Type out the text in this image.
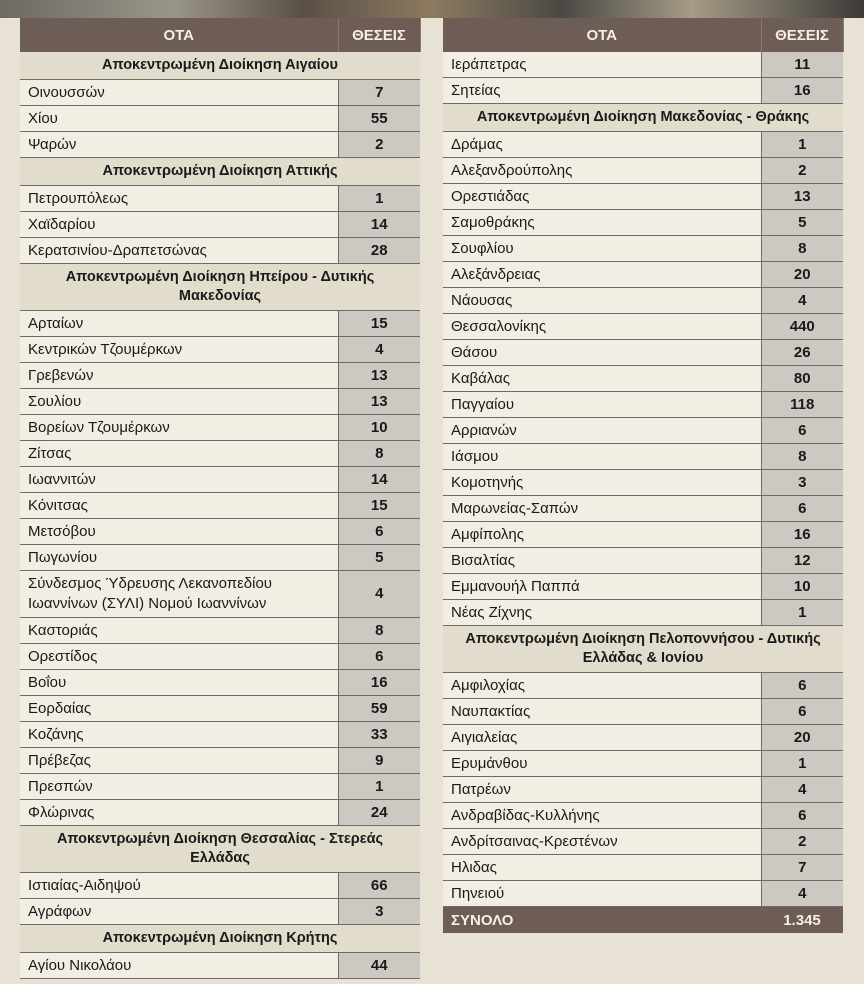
ΟΤΑ	ΘΕΣΕΙΣ
Αποκεντρωμένη Διοίκηση Αιγαίου	
Οινουσσών	7
Χίου	55
Ψαρών	2
Αποκεντρωμένη Διοίκηση Αττικής	
Πετρουπόλεως	1
Χαϊδαρίου	14
Κερατσινίου-Δραπετσώνας	28
Αποκεντρωμένη Διοίκηση Ηπείρου - Δυτικής Μακεδονίας	
Αρταίων	15
Κεντρικών Τζουμέρκων	4
Γρεβενών	13
Σουλίου	13
Βορείων Τζουμέρκων	10
Ζίτσας	8
Ιωαννιτών	14
Κόνιτσας	15
Μετσόβου	6
Πωγωνίου	5
Σύνδεσμος Ύδρευσης Λεκανοπεδίου Ιωαννίνων (ΣΥΛΙ) Νομού Ιωαννίνων	4
Καστοριάς	8
Ορεστίδος	6
Βοΐου	16
Εορδαίας	59
Κοζάνης	33
Πρέβεζας	9
Πρεσπών	1
Φλώρινας	24
Αποκεντρωμένη Διοίκηση Θεσσαλίας - Στερεάς Ελλάδας	
Ιστιαίας-Αιδηψού	66
Αγράφων	3
Αποκεντρωμένη Διοίκηση Κρήτης	
Αγίου Νικολάου	44
ΟΤΑ	ΘΕΣΕΙΣ
Ιεράπετρας	11
Σητείας	16
Αποκεντρωμένη Διοίκηση Μακεδονίας - Θράκης	
Δράμας	1
Αλεξανδρούπολης	2
Ορεστιάδας	13
Σαμοθράκης	5
Σουφλίου	8
Αλεξάνδρειας	20
Νάουσας	4
Θεσσαλονίκης	440
Θάσου	26
Καβάλας	80
Παγγαίου	118
Αρριανών	6
Ιάσμου	8
Κομοτηνής	3
Μαρωνείας-Σαπών	6
Αμφίπολης	16
Βισαλτίας	12
Εμμανουήλ Παππά	10
Νέας Ζίχνης	1
Αποκεντρωμένη Διοίκηση Πελοποννήσου - Δυτικής Ελλάδας & Ιονίου	
Αμφιλοχίας	6
Ναυπακτίας	6
Αιγιαλείας	20
Ερυμάνθου	1
Πατρέων	4
Ανδραβίδας-Κυλλήνης	6
Ανδρίτσαινας-Κρεστένων	2
Ηλιδας	7
Πηνειού	4
ΣΥΝΟΛΟ	1.345
